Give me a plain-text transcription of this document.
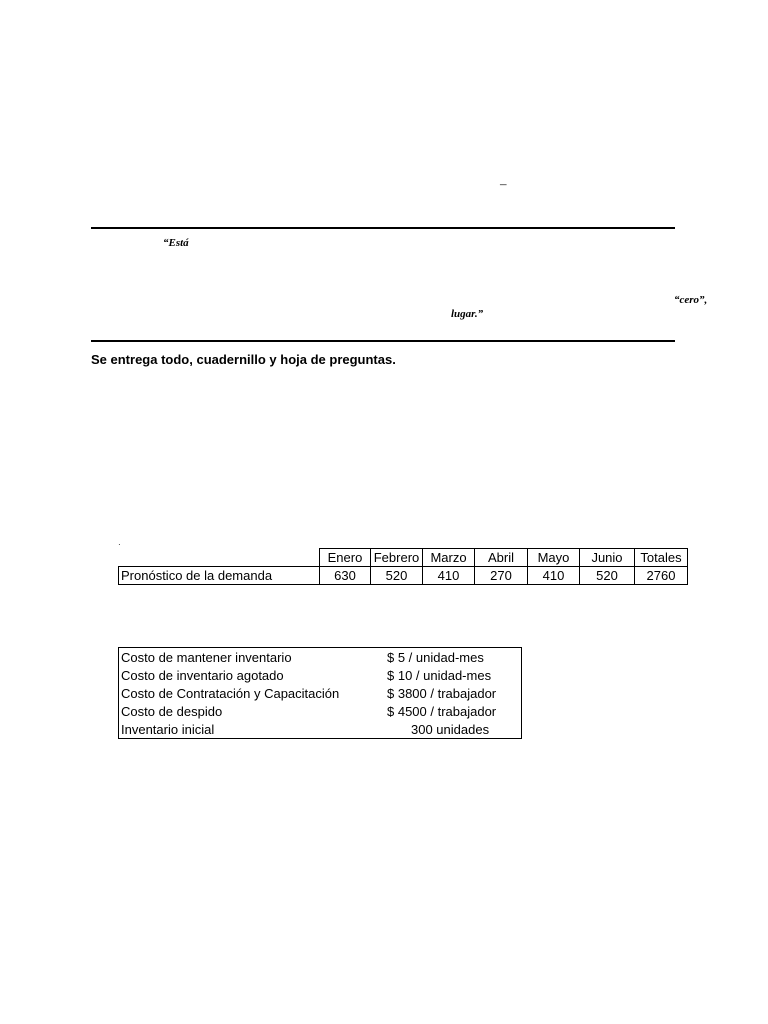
–
“Está
“cero”,
lugar.”
Se entrega todo, cuadernillo y hoja de preguntas.
·
	Enero	Febrero	Marzo	Abril	Mayo	Junio	Totales
Pronóstico de la demanda	630	520	410	270	410	520	2760
Costo de mantener inventario	$ 5 / unidad-mes
Costo de inventario agotado	$ 10 / unidad-mes
Costo de Contratación y Capacitación	$ 3800 / trabajador
Costo de despido	$ 4500 / trabajador
Inventario inicial	300 unidades
